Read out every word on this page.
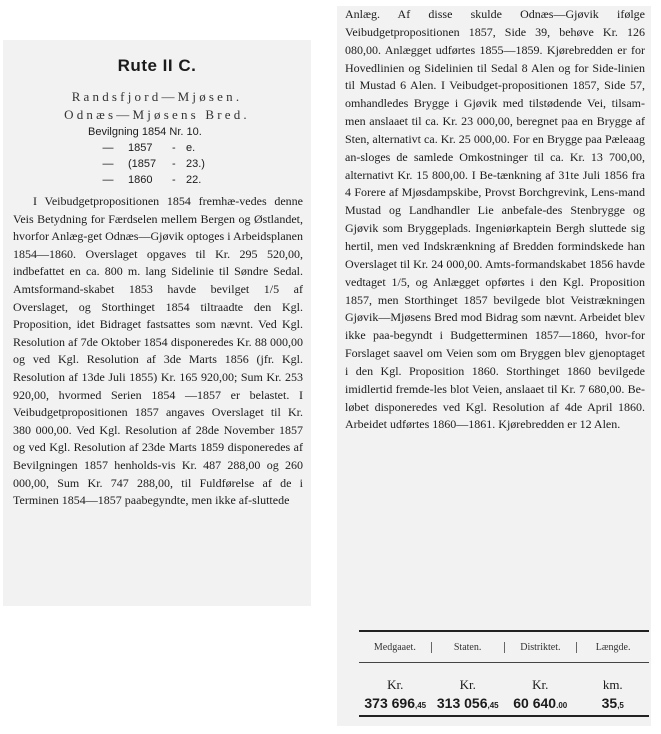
Rute II C.
Randsfjord—Mjøsen.
Odnæs—Mjøsens Bred.
Bevilgning
1854
Nr.
10.
—	1857	- e.
—	(1857	- 23.)
—	1860	- 22.

I Veibudgetpropositionen 1854 fremhæ-vedes denne Veis Betydning for Færdselen mellem Bergen og Østlandet, hvorfor Anlæg-get Odnæs—Gjøvik optoges i Arbeidsplanen 1854—1860. Overslaget opgaves til Kr. 295 520,00, indbefattet en ca. 800 m. lang Sidelinie til Søndre Sedal. Amtsformand-skabet 1853 havde bevilget 1/5 af Overslaget, og Storthinget 1854 tiltraadte den Kgl. Proposition, idet Bidraget fastsattes som nævnt. Ved Kgl. Resolution af 7de Oktober 1854 disponeredes Kr. 88 000,00 og ved Kgl. Resolution af 3de Marts 1856 (jfr. Kgl. Resolution af 13de Juli 1855) Kr. 165 920,00; Sum Kr. 253 920,00, hvormed Serien 1854 —1857 er belastet. I Veibudgetpropositionen 1857 angaves Overslaget til Kr. 380 000,00. Ved Kgl. Resolution af 28de November 1857 og ved Kgl. Resolution af 23de Marts 1859 disponeredes af Bevilgningen 1857 henholds-vis Kr. 487 288,00 og 260 000,00, Sum Kr. 747 288,00, til Fuldførelse af de i Terminen 1854—1857 paabegyndte, men ikke af-sluttede

Anlæg. Af disse skulde Odnæs—Gjøvik ifølge Veibudgetpropositionen 1857, Side 39, behøve Kr. 126 080,00. Anlægget udførtes 1855—1859. Kjørebredden er for Hovedlinien og Sidelinien til Sedal 8 Alen og for Side-linien til Mustad 6 Alen. I Veibudget-propositionen 1857, Side 57, omhandledes Brygge i Gjøvik med tilstødende Vei, tilsam-men anslaaet til ca. Kr. 23 000,00, beregnet paa en Brygge af Sten, alternativt ca. Kr. 25 000,00. For en Brygge paa Pæleaag an-sloges de samlede Omkostninger til ca. Kr. 13 700,00, alternativt Kr. 15 800,00. I Be-tænkning af 31te Juli 1856 fra 4 Forere af Mjøsdampskibe, Provst Borchgrevink, Lens-mand Mustad og Landhandler Lie anbefale-des Stenbrygge og Gjøvik som Bryggeplads. Ingeniørkaptein Bergh sluttede sig hertil, men ved Indskrænkning af Bredden formindskede han Overslaget til Kr. 24 000,00. Amts-formandskabet 1856 havde vedtaget 1/5, og Anlægget opførtes i den Kgl. Proposition 1857, men Storthinget 1857 bevilgede blot Veistrækningen Gjøvik—Mjøsens Bred mod Bidrag som nævnt. Arbeidet blev ikke paa-begyndt i Budgetterminen 1857—1860, hvor-for Forslaget saavel om Veien som om Bryggen blev gjenoptaget i den Kgl. Proposition 1860. Storthinget 1860 bevilgede imidlertid fremde-les blot Veien, anslaaet til Kr. 7 680,00. Be-løbet disponeredes ved Kgl. Resolution af 4de April 1860. Arbeidet udførtes 1860—1861. Kjørebredden er 12 Alen.

Medgaaet.	Staten.	Distriktet.	Længde.
Kr.	Kr.	Kr.	km.
373 696,45 313 056,45	60 640.00	35,5
